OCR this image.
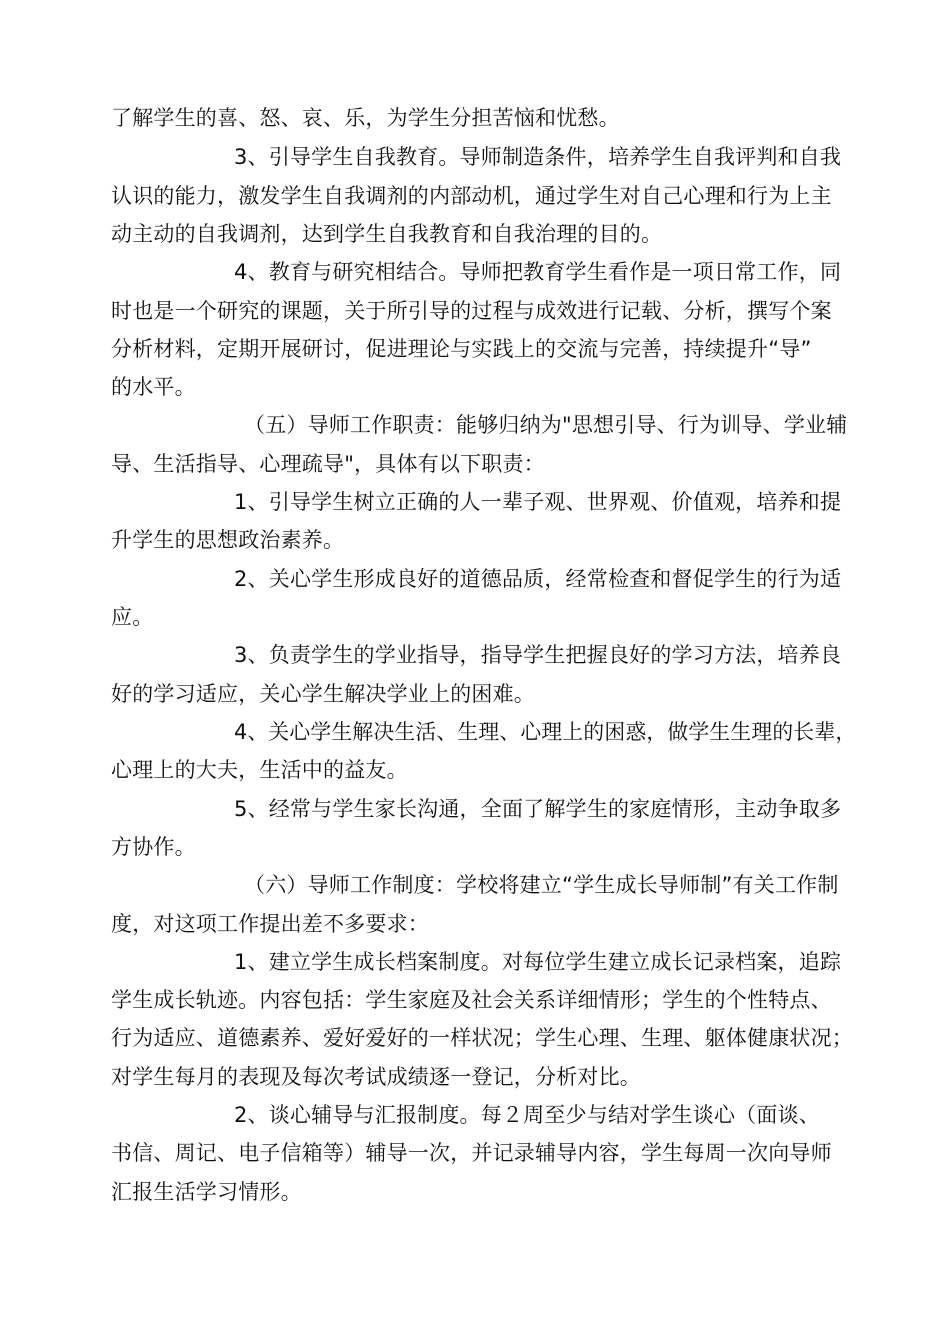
了解学生的喜、怒、哀、乐，为学生分担苦恼和忧愁。
3、引导学生自我教育。导师制造条件，培养学生自我评判和自我
认识的能力，激发学生自我调剂的内部动机，通过学生对自己心理和行为上主
动主动的自我调剂，达到学生自我教育和自我治理的目的。
4、教育与研究相结合。导师把教育学生看作是一项日常工作，同
时也是一个研究的课题，关于所引导的过程与成效进行记载、分析，撰写个案
分析材料，定期开展研讨，促进理论与实践上的交流与完善，持续提升“导”
的水平。
（五）导师工作职责：能够归纳为"思想引导、行为训导、学业辅
导、生活指导、心理疏导"，具体有以下职责：
1、引导学生树立正确的人一辈子观、世界观、价值观，培养和提
升学生的思想政治素养。
2、关心学生形成良好的道德品质，经常检查和督促学生的行为适
应。
3、负责学生的学业指导，指导学生把握良好的学习方法，培养良
好的学习适应，关心学生解决学业上的困难。
4、关心学生解决生活、生理、心理上的困惑，做学生生理的长辈，
心理上的大夫，生活中的益友。
5、经常与学生家长沟通，全面了解学生的家庭情形，主动争取多
方协作。
（六）导师工作制度：学校将建立“学生成长导师制”有关工作制
度，对这项工作提出差不多要求：
1、建立学生成长档案制度。对每位学生建立成长记录档案，追踪
学生成长轨迹。内容包括：学生家庭及社会关系详细情形；学生的个性特点、
行为适应、道德素养、爱好爱好的一样状况；学生心理、生理、躯体健康状况；
对学生每月的表现及每次考试成绩逐一登记，分析对比。
2、谈心辅导与汇报制度。每２周至少与结对学生谈心（面谈、
书信、周记、电子信箱等）辅导一次，并记录辅导内容，学生每周一次向导师
汇报生活学习情形。
